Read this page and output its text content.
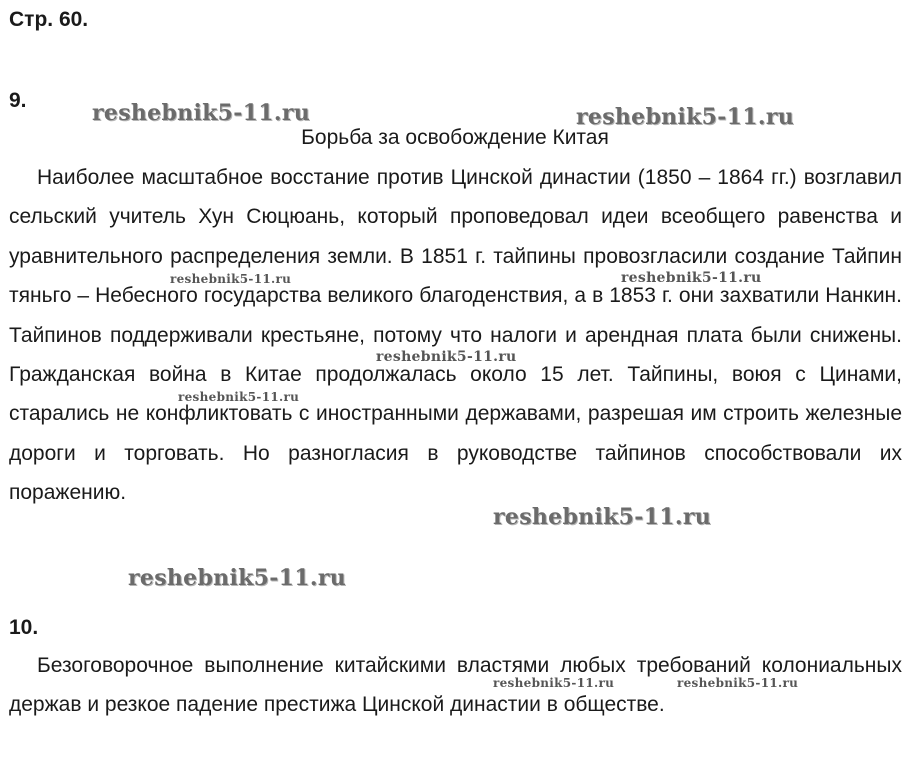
Стр. 60.
9.
Борьба за освобождение Китая

Наиболее масштабное восстание против Цинской династии (1850 – 1864 гг.) возглавил сельский учитель Хун Сюцюань, который проповедовал идеи всеобщего равенства и уравнительного распределения земли. В 1851 г. тайпины провозгласили создание Тайпин тяньго – Небесного государства великого благоденствия, а в 1853 г. они захватили Нанкин. Тайпинов поддерживали крестьяне, потому что налоги и арендная плата были снижены. Гражданская война в Китае продолжалась около 15 лет. Тайпины, воюя с Цинами, старались не конфликтовать с иностранными державами, разрешая им строить железные дороги и торговать. Но разногласия в руководстве тайпинов способствовали их поражению.

10.

Безоговорочное выполнение китайскими властями любых требований колониальных держав и резкое падение престижа Цинской династии в обществе.

reshebnik5-11.ru	reshebnik5-11.ru
reshebnik5-11.ru	reshebnik5-11.ru
reshebnik5-11.ru
reshebnik5-11.ru
reshebnik5-11.ru
reshebnik5-11.ru
reshebnik5-11.ru	reshebnik5-11.ru
